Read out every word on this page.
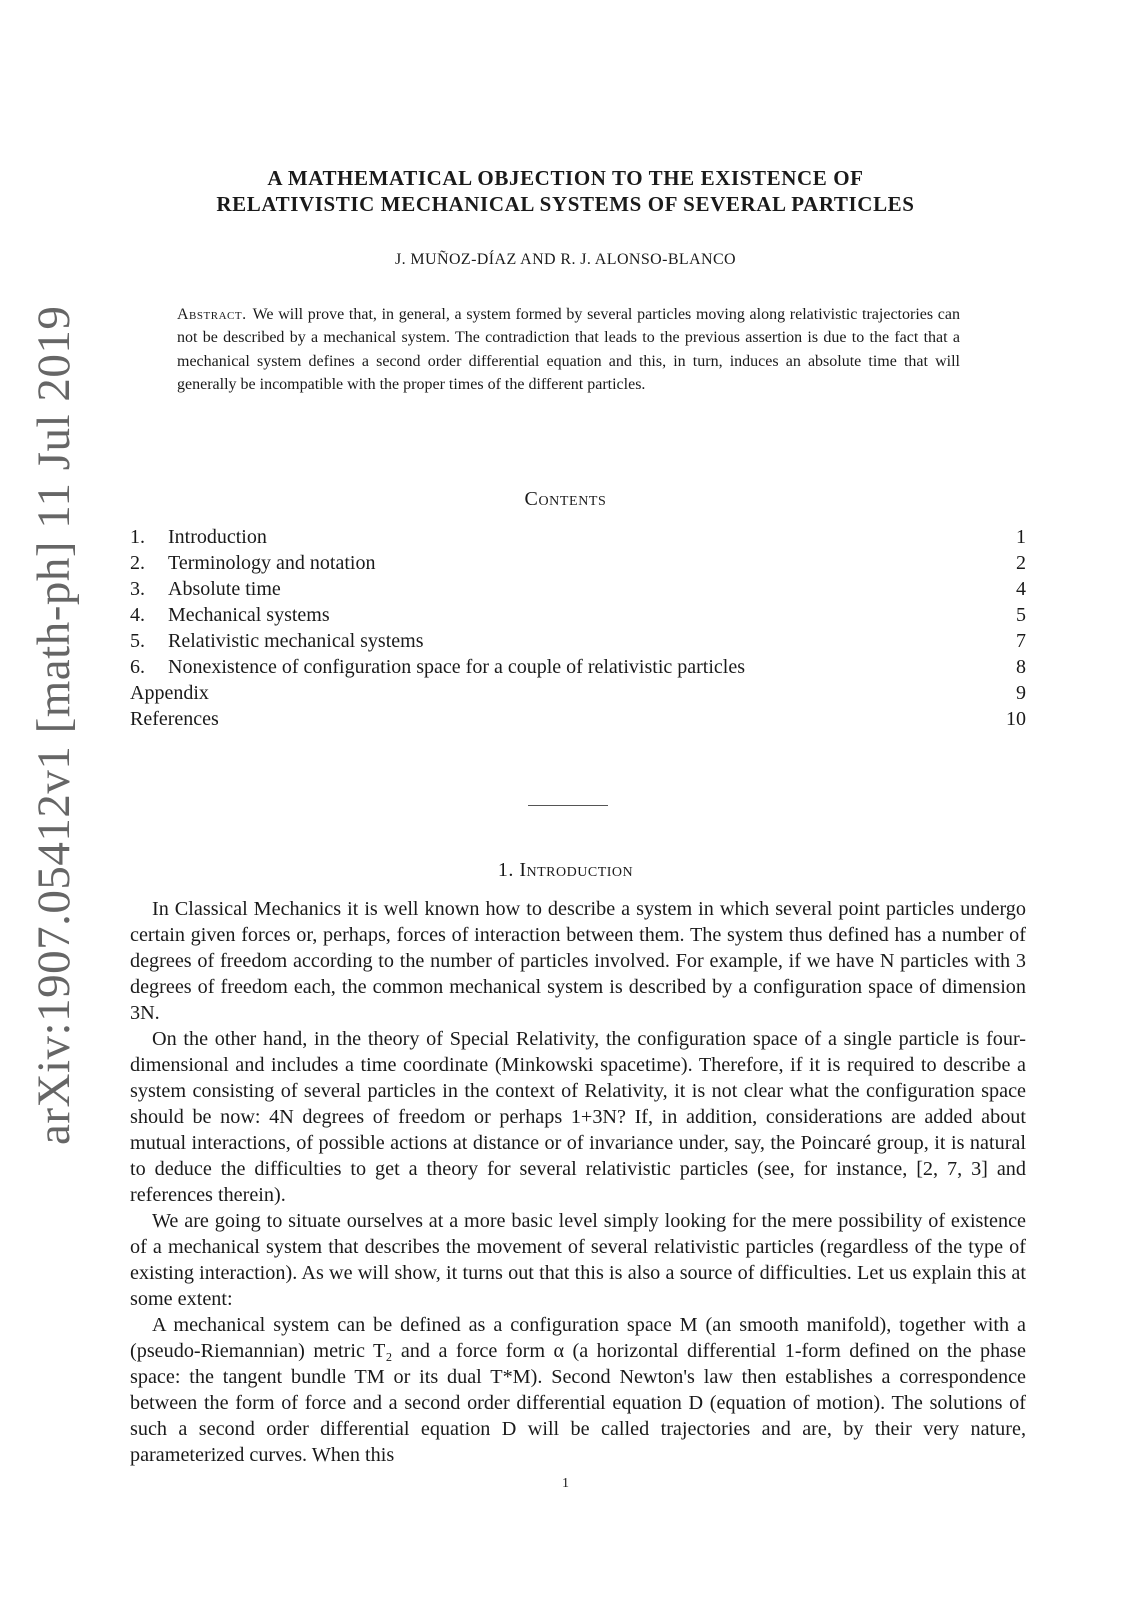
arXiv:1907.05412v1 [math-ph] 11 Jul 2019
A MATHEMATICAL OBJECTION TO THE EXISTENCE OF
RELATIVISTIC MECHANICAL SYSTEMS OF SEVERAL PARTICLES
J. MUÑOZ-DÍAZ AND R. J. ALONSO-BLANCO
Abstract. We will prove that, in general, a system formed by several particles moving along relativistic trajectories can not be described by a mechanical system. The contradiction that leads to the previous assertion is due to the fact that a mechanical system defines a second order differential equation and this, in turn, induces an absolute time that will generally be incompatible with the proper times of the different particles.
Contents
1.	Introduction	1
2.	Terminology and notation	2
3.	Absolute time	4
4.	Mechanical systems	5
5.	Relativistic mechanical systems	7
6.	Nonexistence of configuration space for a couple of relativistic particles	8
Appendix	9
References	10
1. Introduction

In Classical Mechanics it is well known how to describe a system in which several point particles undergo certain given forces or, perhaps, forces of interaction between them. The system thus defined has a number of degrees of freedom according to the number of particles involved. For example, if we have N particles with 3 degrees of freedom each, the common mechanical system is described by a configuration space of dimension 3N.

On the other hand, in the theory of Special Relativity, the configuration space of a single particle is four-dimensional and includes a time coordinate (Minkowski spacetime). Therefore, if it is required to describe a system consisting of several particles in the context of Relativity, it is not clear what the configuration space should be now: 4N degrees of freedom or perhaps 1+3N? If, in addition, considerations are added about mutual interactions, of possible actions at distance or of invariance under, say, the Poincaré group, it is natural to deduce the difficulties to get a theory for several relativistic particles (see, for instance, [2, 7, 3] and references therein).

We are going to situate ourselves at a more basic level simply looking for the mere possibility of existence of a mechanical system that describes the movement of several relativistic particles (regardless of the type of existing interaction). As we will show, it turns out that this is also a source of difficulties. Let us explain this at some extent:

A mechanical system can be defined as a configuration space M (an smooth manifold), together with a (pseudo-Riemannian) metric T₂ and a force form α (a horizontal differential 1-form defined on the phase space: the tangent bundle TM or its dual T*M). Second Newton's law then establishes a correspondence between the form of force and a second order differential equation D (equation of motion). The solutions of such a second order differential equation D will be called trajectories and are, by their very nature, parameterized curves. When this

1
